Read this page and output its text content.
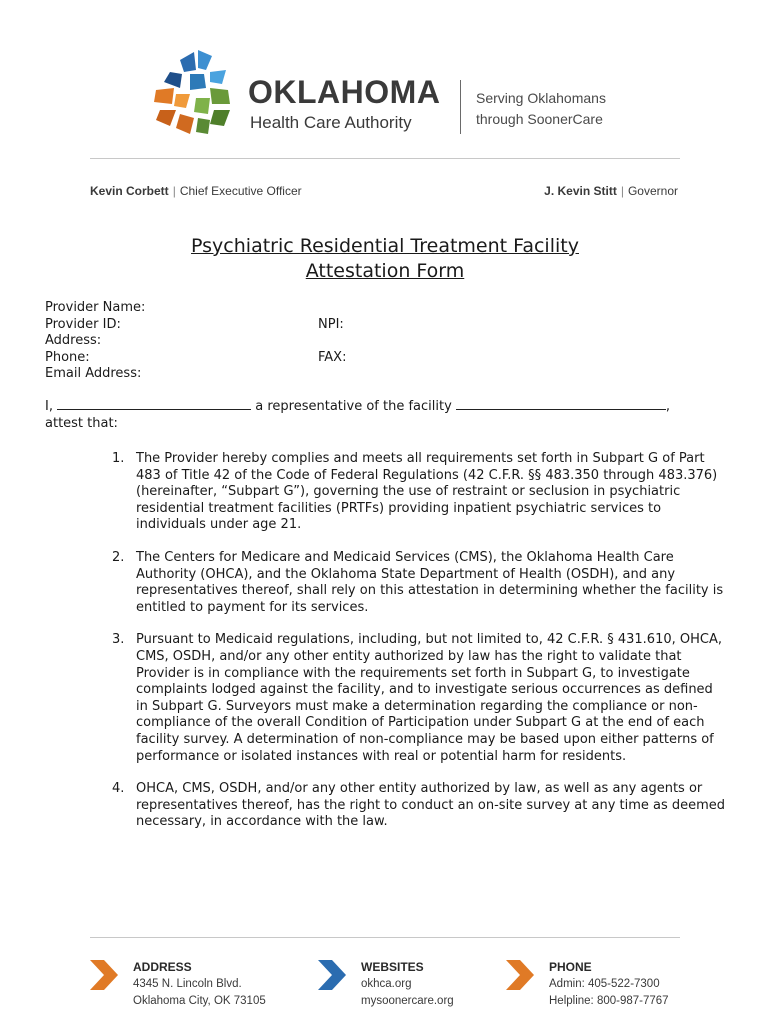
OKLAHOMA
Health Care Authority
Serving Oklahomans
through SoonerCare
Kevin Corbett | Chief Executive Officer	J. Kevin Stitt | Governor
Psychiatric Residential Treatment Facility
Attestation Form
Provider Name:
Provider ID:	NPI:
Address:
Phone:	FAX:
Email Address:
I,	a representative of the facility	,
attest that:
1. The Provider hereby complies and meets all requirements set forth in Subpart G of Part 483 of Title 42 of the Code of Federal Regulations (42 C.F.R. §§ 483.350 through 483.376) (hereinafter, “Subpart G”), governing the use of restraint or seclusion in psychiatric residential treatment facilities (PRTFs) providing inpatient psychiatric services to individuals under age 21.
2. The Centers for Medicare and Medicaid Services (CMS), the Oklahoma Health Care Authority (OHCA), and the Oklahoma State Department of Health (OSDH), and any representatives thereof, shall rely on this attestation in determining whether the facility is entitled to payment for its services.
3. Pursuant to Medicaid regulations, including, but not limited to, 42 C.F.R. § 431.610, OHCA, CMS, OSDH, and/or any other entity authorized by law has the right to validate that Provider is in compliance with the requirements set forth in Subpart G, to investigate complaints lodged against the facility, and to investigate serious occurrences as defined in Subpart G. Surveyors must make a determination regarding the compliance or non-compliance of the overall Condition of Participation under Subpart G at the end of each facility survey. A determination of non-compliance may be based upon either patterns of performance or isolated instances with real or potential harm for residents.
4. OHCA, CMS, OSDH, and/or any other entity authorized by law, as well as any agents or representatives thereof, has the right to conduct an on-site survey at any time as deemed necessary, in accordance with the law.
ADDRESS
4345 N. Lincoln Blvd.
Oklahoma City, OK 73105
WEBSITES
okhca.org
mysoonercare.org
PHONE
Admin: 405-522-7300
Helpline: 800-987-7767
